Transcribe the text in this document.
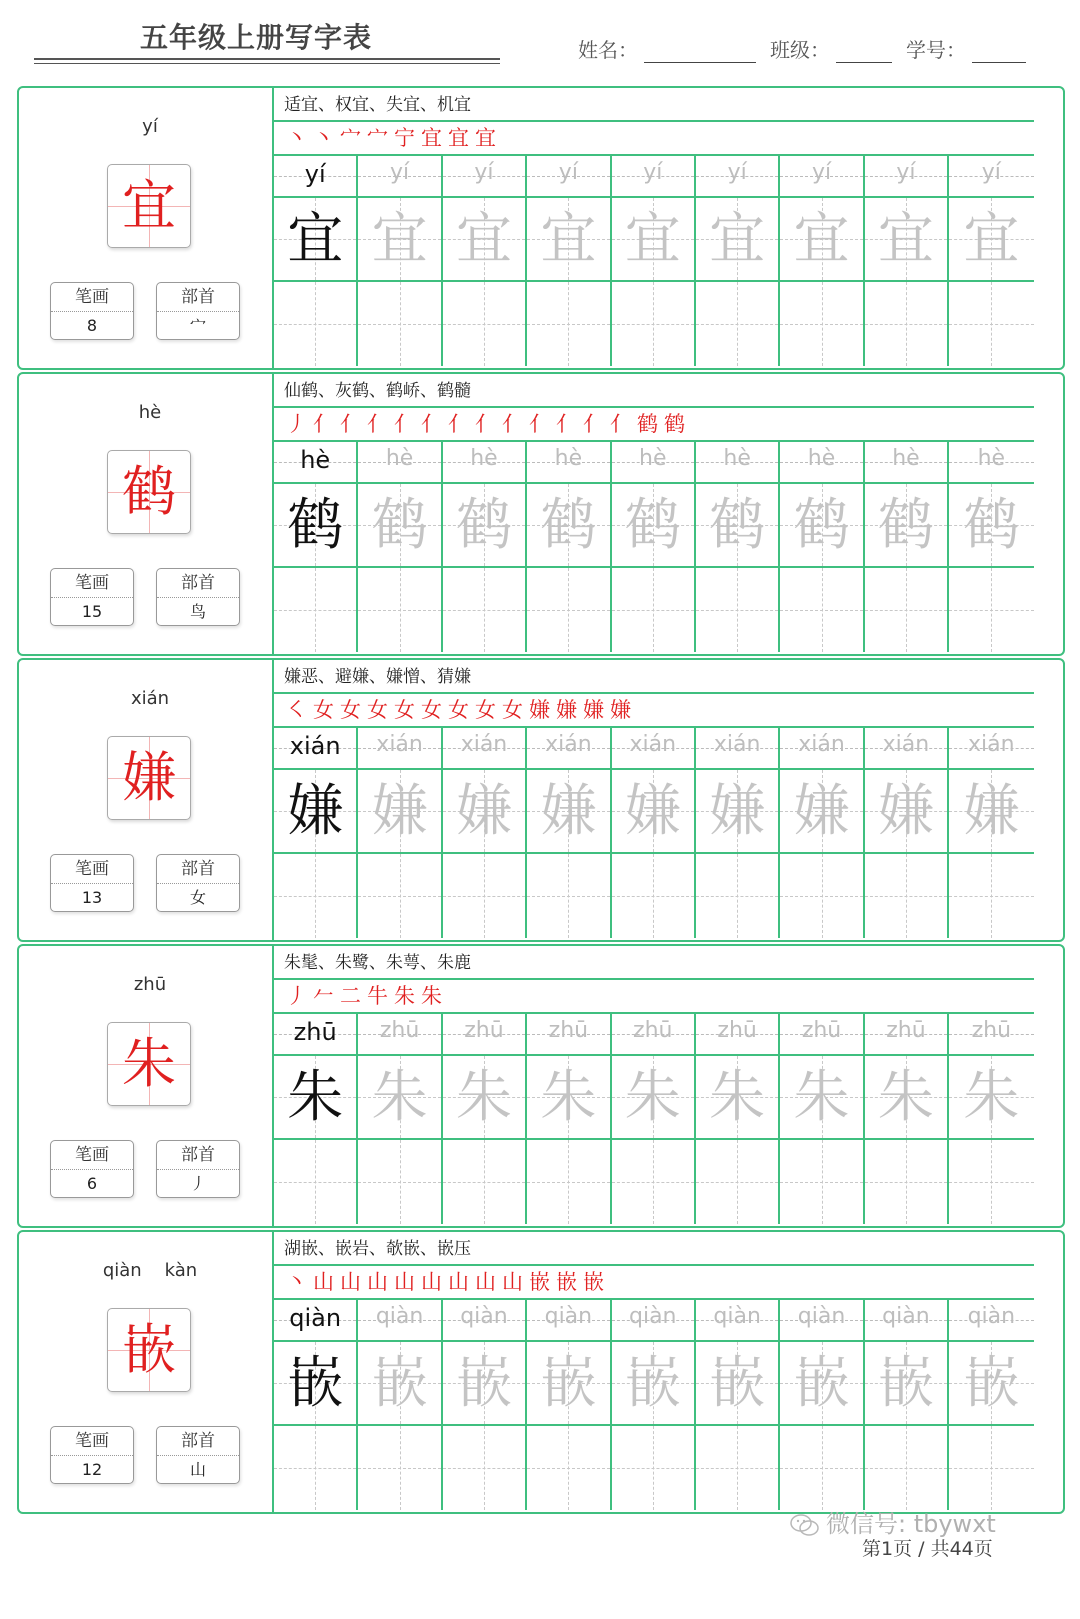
五年级上册写字表	姓名：	班级：	学号：
yí
宜
笔画
8
部首
宀
适宜、权宜、失宜、机宜
丶 丶 宀 宀 宁 宜 宜 宜
yí	yí	yí	yí	yí	yí	yí	yí	yí
宜 宜 宜 宜 宜 宜 宜 宜 宜
hè
鹤
笔画
15
部首
鸟
仙鹤、灰鹤、鹤峤、鹤髓
丿 亻 亻 亻 亻 亻 亻 亻 亻 亻 亻 亻 亻 鹤 鹤
hè	hè	hè	hè	hè	hè	hè	hè	hè
鹤 鹤 鹤 鹤 鹤 鹤 鹤 鹤 鹤
xián
嫌
笔画
13
部首
女
嫌恶、避嫌、嫌憎、猜嫌
㇛ 女 女 女 女 女 女 女 女 嫌 嫌 嫌 嫌
xián	xián	xián	xián	xián	xián	xián	xián	xián
嫌 嫌 嫌 嫌 嫌 嫌 嫌 嫌 嫌
zhū
朱
笔画
6
部首
丿
朱髦、朱鹭、朱萼、朱鹿
丿 𠂉 二 牛 朱 朱
zhū	zhū	zhū	zhū	zhū	zhū	zhū	zhū	zhū
朱 朱 朱 朱 朱 朱 朱 朱 朱
qiàn    kàn
嵌
笔画
12
部首
山
湖嵌、嵌岩、欹嵌、嵌压
丶 山 山 山 山 山 山 山 山 嵌 嵌 嵌
qiàn	qiàn	qiàn	qiàn	qiàn	qiàn	qiàn	qiàn	qiàn
嵌 嵌 嵌 嵌 嵌 嵌 嵌 嵌 嵌
微信号: tbywxt
第1页 / 共44页
